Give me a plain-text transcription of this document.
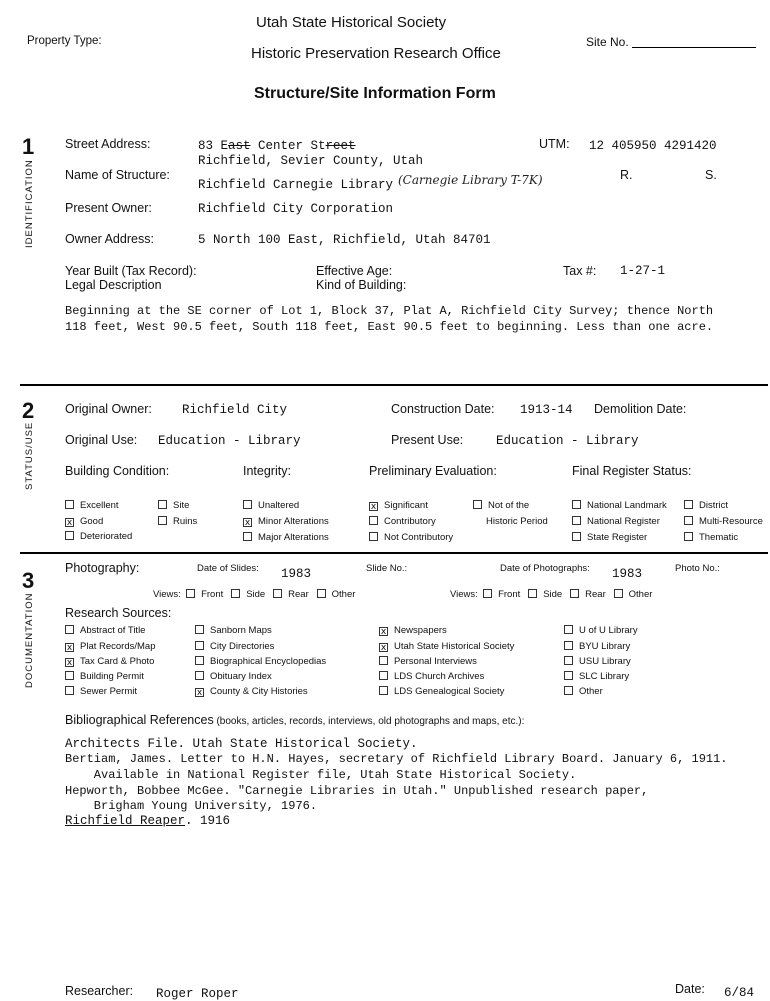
Utah State Historical Society
Property Type:
Historic Preservation Research Office
Site No.
Structure/Site Information Form
1
IDENTIFICATION
Street Address:	83 East Center Street
Richfield, Sevier County, Utah
UTM: 12 405950 4291420
Name of Structure:
Richfield Carnegie Library (Carnegie Library T-7K)	R.	S.
Present Owner:	Richfield City Corporation
Owner Address:	5 North 100 East, Richfield, Utah 84701
Year Built (Tax Record):	Effective Age:	Tax #: 1-27-1
Legal Description	Kind of Building:
Beginning at the SE corner of Lot 1, Block 37, Plat A, Richfield City Survey; thence North
118 feet, West 90.5 feet, South 118 feet, East 90.5 feet to beginning. Less than one acre.
2
STATUS/USE
Original Owner: Richfield City	Construction Date: 1913-14 Demolition Date:
Original Use: Education - Library	Present Use:	Education - Library
Building Condition:	Integrity:	Preliminary Evaluation:	Final Register Status:
Excellent
x Good
Deteriorated
Site
Ruins
Unaltered
x Minor Alterations
Major Alterations
x Significant
Contributory
Not Contributory
Not of the
Historic Period
National Landmark
National Register
State Register
District
Multi-Resource
Thematic
3
DOCUMENTATION
Photography:	Date of Slides: 1983	Slide No.:	Date of Photographs: 1983	Photo No.:
Views: Front Side Rear Other	Views: Front Side Rear Other
Research Sources:
Abstract of Title
x Plat Records/Map
x Tax Card & Photo
Building Permit
Sewer Permit
Sanborn Maps
City Directories
Biographical Encyclopedias
Obituary Index
x County & City Histories
x Newspapers
x Utah State Historical Society
Personal Interviews
LDS Church Archives
LDS Genealogical Society
U of U Library
BYU Library
USU Library
SLC Library
Other
Bibliographical References (books, articles, records, interviews, old photographs and maps, etc.):
Architects File. Utah State Historical Society.
Bertiam, James. Letter to H.N. Hayes, secretary of Richfield Library Board. January 6, 1911.
Available in National Register file, Utah State Historical Society.
Hepworth, Bobbee McGee. "Carnegie Libraries in Utah." Unpublished research paper,
Brigham Young University, 1976.
Richfield Reaper. 1916
Researcher: Roger Roper	Date: 6/84
